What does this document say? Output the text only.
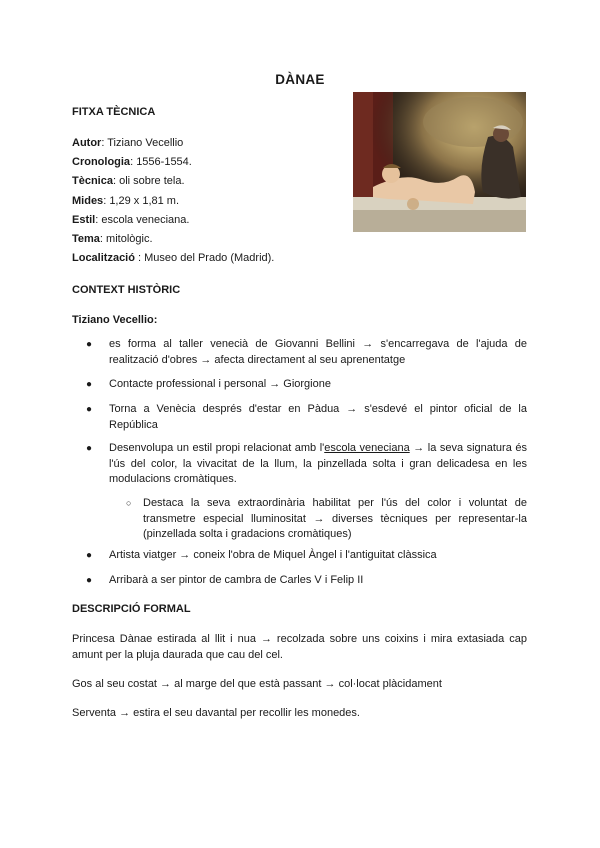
DÀNAE
FITXA TÈCNICA
Autor: Tiziano Vecellio
Cronologia: 1556-1554.
Tècnica: oli sobre tela.
Mides: 1,29 x 1,81 m.
Estil: escola veneciana.
Tema: mitològic.
Localització : Museo del Prado (Madrid).
CONTEXT HISTÒRIC
Tiziano Vecellio:
● es forma al taller venecià de Giovanni Bellini → s'encarregava de l'ajuda de realització d'obres → afecta directament al seu aprenentatge
● Contacte professional i personal → Giorgione
● Torna a Venècia després d'estar en Pàdua → s'esdevé el pintor oficial de la República
● Desenvolupa un estil propi relacionat amb l'escola veneciana → la seva signatura és l'ús del color, la vivacitat de la llum, la pinzellada solta i gran delicadesa en les modulacions cromàtiques.
○ Destaca la seva extraordinària habilitat per l'ús del color i voluntat de transmetre especial lluminositat → diverses tècniques per representar-la (pinzellada solta i gradacions cromàtiques)
● Artista viatger → coneix l'obra de Miquel Àngel i l'antiguitat clàssica
● Arribarà a ser pintor de cambra de Carles V i Felip II
DESCRIPCIÓ FORMAL
Princesa Dànae estirada al llit i nua → recolzada sobre uns coixins i mira extasiada cap amunt per la pluja daurada que cau del cel.
Gos al seu costat → al marge del que està passant → col·locat plàcidament
Serventa → estira el seu davantal per recollir les monedes.
